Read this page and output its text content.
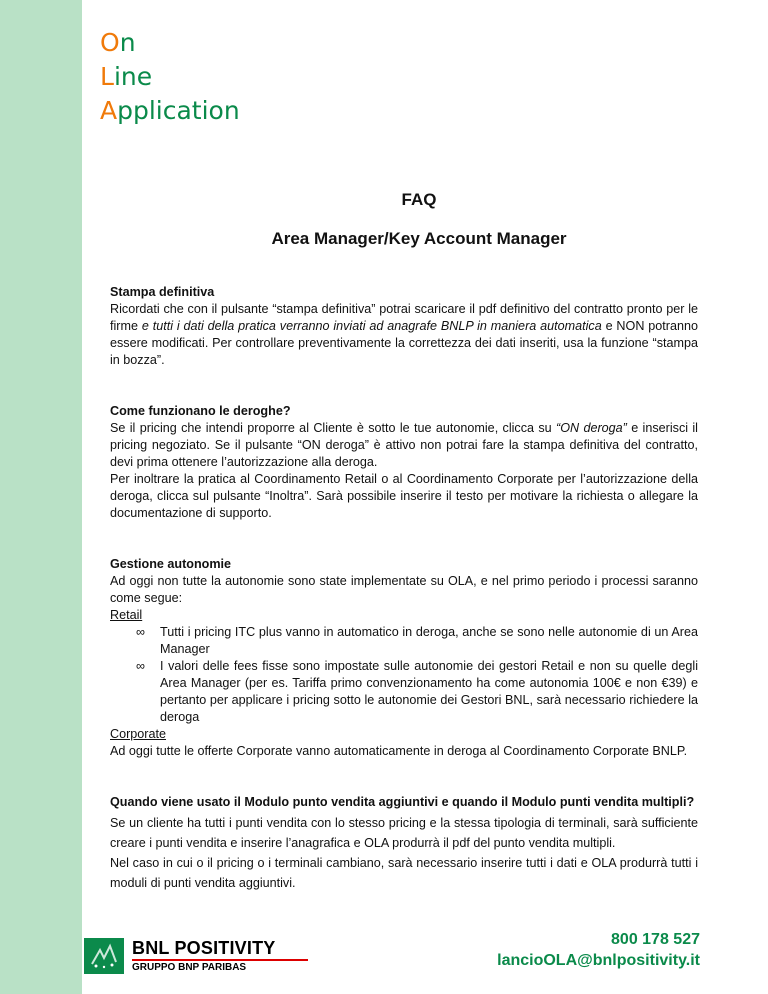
On
Line
Application
FAQ
Area Manager/Key Account Manager

Stampa definitiva

Ricordati che con il pulsante “stampa definitiva” potrai scaricare il pdf definitivo del contratto pronto per le firme e tutti i dati della pratica verranno inviati ad anagrafe BNLP in maniera automatica e NON potranno essere modificati. Per controllare preventivamente la correttezza dei dati inseriti, usa la funzione “stampa in bozza”.

Come funzionano le deroghe?

Se il pricing che intendi proporre al Cliente è sotto le tue autonomie, clicca su “ON deroga” e inserisci il pricing negoziato. Se il pulsante “ON deroga” è attivo non potrai fare la stampa definitiva del contratto, devi prima ottenere l’autorizzazione alla deroga.

Per inoltrare la pratica al Coordinamento Retail o al Coordinamento Corporate per l’autorizzazione della deroga, clicca sul pulsante “Inoltra”. Sarà possibile inserire il testo per motivare la richiesta o allegare la documentazione di supporto.

Gestione autonomie

Ad oggi non tutte la autonomie sono state implementate su OLA, e nel primo periodo i processi saranno come segue:

Retail

∞ Tutti i pricing ITC plus vanno in automatico in deroga, anche se sono nelle autonomie di un Area Manager
∞ I valori delle fees fisse sono impostate sulle autonomie dei gestori Retail e non su quelle degli Area Manager (per es. Tariffa primo convenzionamento ha come autonomia 100€ e non €39) e pertanto per applicare i pricing sotto le autonomie dei Gestori BNL, sarà necessario richiedere la deroga

Corporate

Ad oggi tutte le offerte Corporate vanno automaticamente in deroga al Coordinamento Corporate BNLP.

Quando viene usato il Modulo punto vendita aggiuntivi e quando il Modulo punti vendita multipli?

Se un cliente ha tutti i punti vendita con lo stesso pricing e la stessa tipologia di terminali, sarà sufficiente creare i punti vendita e inserire l’anagrafica e OLA produrrà il pdf del punto vendita multipli.

Nel caso in cui o il pricing o i terminali cambiano, sarà necessario inserire tutti i dati e OLA produrrà tutti i moduli di punti vendita aggiuntivi.

BNL POSITIVITY
GRUPPO BNP PARIBAS
800 178 527
lancioOLA@bnlpositivity.it
